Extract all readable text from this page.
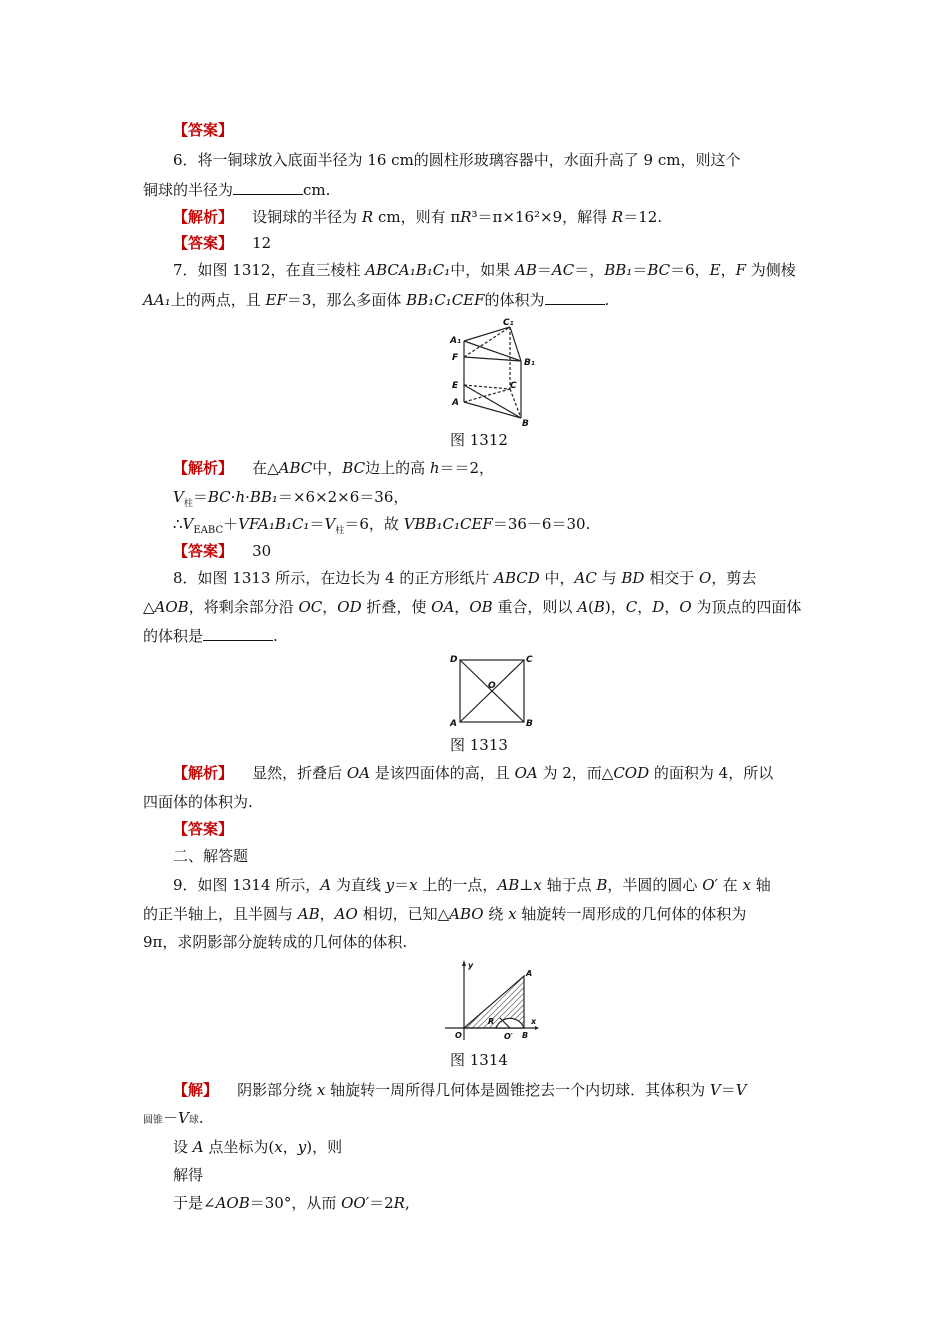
【答案】
6．将一铜球放入底面半径为 16 cm的圆柱形玻璃容器中，水面升高了 9 cm，则这个
铜球的半径为	cm.
【解析】 设铜球的半径为 R cm，则有 πR³＝π×16²×9，解得 R＝12.
【答案】 12
7．如图 1312，在直三棱柱 ABCA₁B₁C₁中，如果 AB＝AC＝，BB₁＝BC＝6，E，F 为侧棱
AA₁上的两点，且 EF＝3，那么多面体 BB₁C₁CEF的体积为	.
C₁
A₁
F	B₁
E	C
A
B
图 1312
【解析】 在△ABC中，BC边上的高 h＝＝2，
$V_柱=BC\cdot h\cdot BB_1=\times 6\times 2\times 6=36$，
$\therefore V_{EABC}+VFA_1B_1C_1=V_柱=6$，故 VBB₁C₁CEF＝36－6＝30.
【答案】 30
8．如图 1313 所示，在边长为 4 的正方形纸片 ABCD 中，AC 与 BD 相交于 O，剪去
△AOB，将剩余部分沿 OC，OD 折叠，使 OA，OB 重合，则以 A(B)，C，D，O 为顶点的四面体
的体积是	.
D	C
O
A	B
图 1313
【解析】 显然，折叠后 OA 是该四面体的高，且 OA 为 2，而△COD 的面积为 4，所以
四面体的体积为.
【答案】
二、解答题
9．如图 1314 所示，A 为直线 y＝x 上的一点，AB⊥x 轴于点 B，半圆的圆心 O′ 在 x 轴
的正半轴上，且半圆与 AB，AO 相切，已知△ABO 绕 x 轴旋转一周形成的几何体的体积为
9π，求阴影部分旋转成的几何体的体积.
y
A
O
R
O′ B
x
图 1314
【解】 阴影部分绕 x 轴旋转一周所得几何体是圆锥挖去一个内切球．其体积为 V＝V
圆锥－V球.
设 A 点坐标为(x，y)，则
解得
于是∠AOB＝30°，从而 OO′＝2R,
